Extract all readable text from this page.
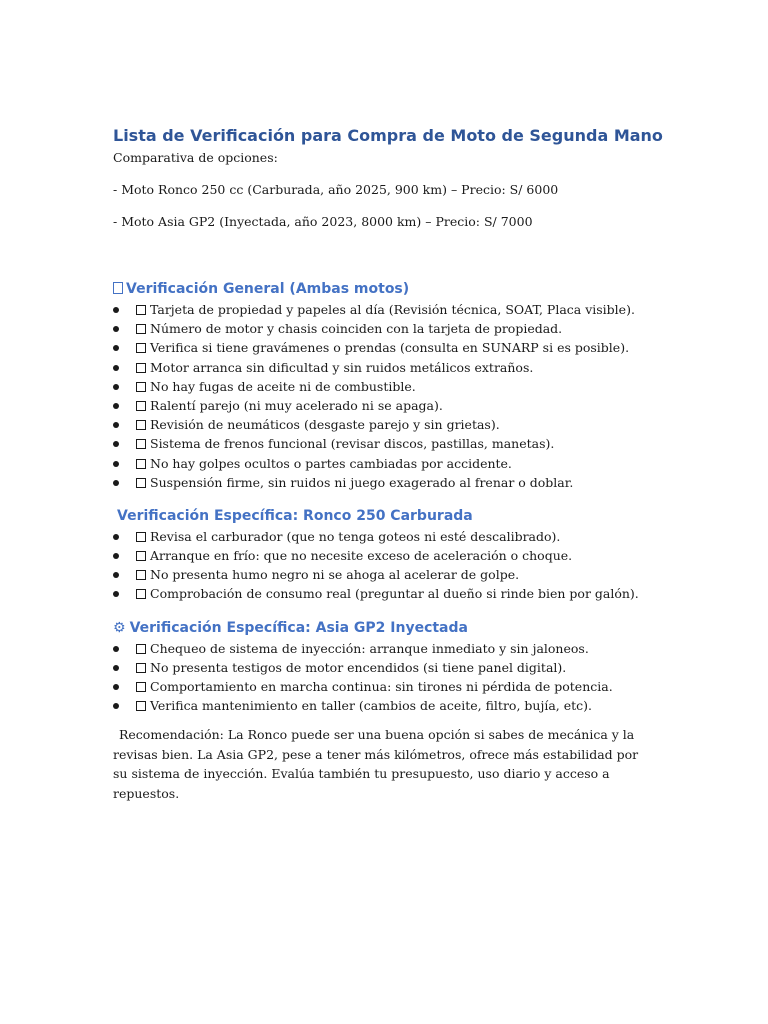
Lista de Verificación para Compra de Moto de Segunda Mano

Comparativa de opciones:

- Moto Ronco 250 cc (Carburada, año 2025, 900 km) – Precio: S/ 6000

- Moto Asia GP2 (Inyectada, año 2023, 8000 km) – Precio: S/ 7000

Verificación General (Ambas motos)
Tarjeta de propiedad y papeles al día (Revisión técnica, SOAT, Placa visible).
Número de motor y chasis coinciden con la tarjeta de propiedad.
Verifica si tiene gravámenes o prendas (consulta en SUNARP si es posible).
Motor arranca sin dificultad y sin ruidos metálicos extraños.
No hay fugas de aceite ni de combustible.
Ralentí parejo (ni muy acelerado ni se apaga).
Revisión de neumáticos (desgaste parejo y sin grietas).
Sistema de frenos funcional (revisar discos, pastillas, manetas).
No hay golpes ocultos o partes cambiadas por accidente.
Suspensión firme, sin ruidos ni juego exagerado al frenar o doblar.
Verificación Específica: Ronco 250 Carburada
Revisa el carburador (que no tenga goteos ni esté descalibrado).
Arranque en frío: que no necesite exceso de aceleración o choque.
No presenta humo negro ni se ahoga al acelerar de golpe.
Comprobación de consumo real (preguntar al dueño si rinde bien por galón).
⚙ Verificación Específica: Asia GP2 Inyectada
Chequeo de sistema de inyección: arranque inmediato y sin jaloneos.
No presenta testigos de motor encendidos (si tiene panel digital).
Comportamiento en marcha continua: sin tirones ni pérdida de potencia.
Verifica mantenimiento en taller (cambios de aceite, filtro, bujía, etc).

Recomendación: La Ronco puede ser una buena opción si sabes de mecánica y la revisas bien. La Asia GP2, pese a tener más kilómetros, ofrece más estabilidad por su sistema de inyección. Evalúa también tu presupuesto, uso diario y acceso a repuestos.
